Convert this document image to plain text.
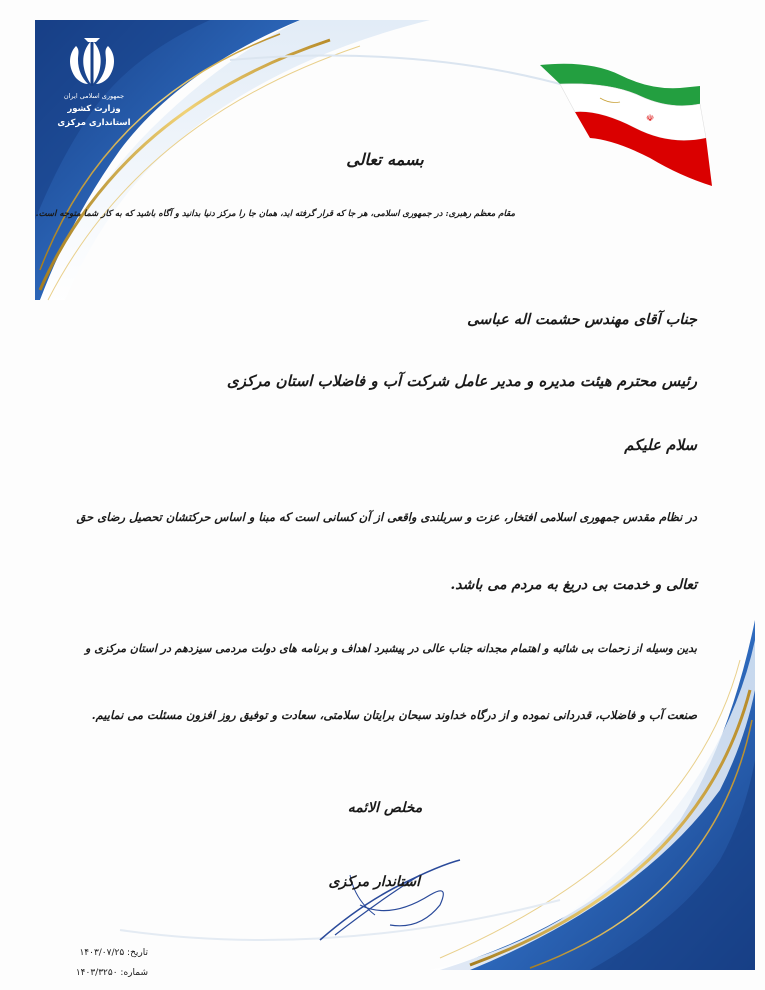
☫
جمهوری اسلامی ایران
وزارت کشور
استانداری مرکزی
بسمه تعالی
مقام معظم رهبری: در جمهوری اسلامی، هر جا که قرار گرفته اید، همان جا را مرکز دنیا بدانید و آگاه باشید که به کار شما متوجه است.
جناب آقای مهندس حشمت اله عباسی
رئیس محترم هیئت مدیره و مدیر عامل شرکت آب و فاضلاب استان مرکزی
سلام علیکم
در نظام مقدس جمهوری اسلامی افتخار، عزت و سربلندی واقعی از آن کسانی است که مبنا و اساس حرکتشان تحصیل رضای حق
تعالی و خدمت بی دریغ به مردم می باشد.
بدین وسیله از زحمات بی شائبه و اهتمام مجدانه جناب عالی در پیشبرد اهداف و برنامه های دولت مردمی سیزدهم در استان مرکزی و
صنعت آب و فاضلاب، قدردانی نموده و از درگاه خداوند سبحان برایتان سلامتی، سعادت و توفیق روز افزون مسئلت می نماییم.
مخلص الائمه
استاندار مرکزی
تاریخ: ۱۴۰۳/۰۷/۲۵
شماره: ۱۴۰۳/۳۲۵۰
